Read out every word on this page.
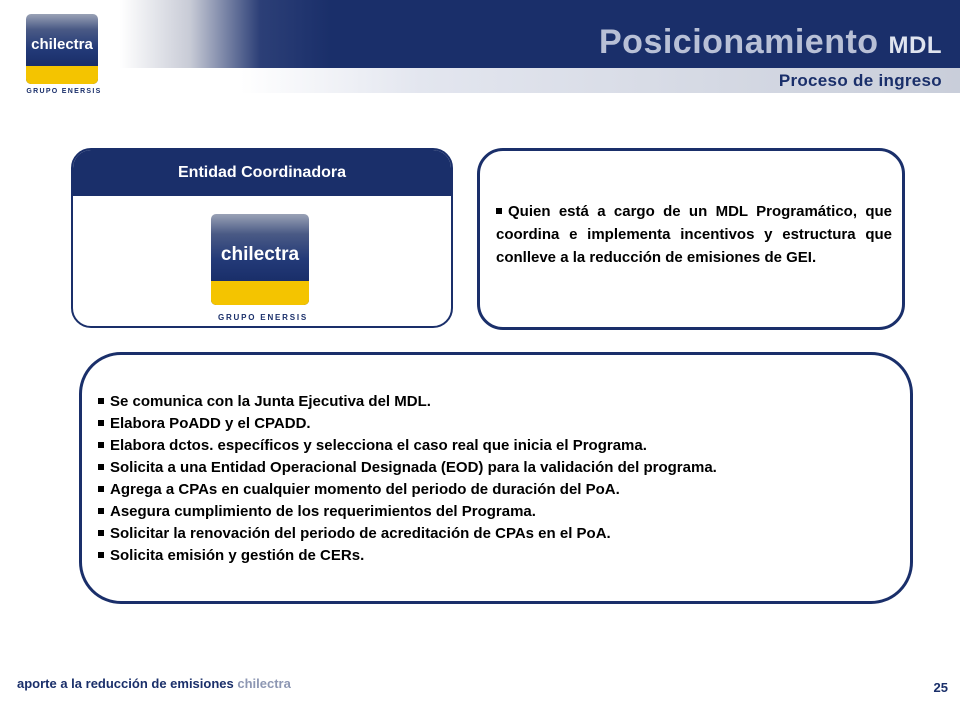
Posicionamiento MDL
Proceso de ingreso
chilectra
GRUPO ENERSIS
Entidad Coordinadora
chilectra
GRUPO ENERSIS

Quien está a cargo de un MDL Programático, que coordina e implementa incentivos y estructura que conlleve a la reducción de emisiones de GEI.

Se comunica con la Junta Ejecutiva del MDL.
Elabora PoADD y el CPADD.
Elabora dctos. específicos y selecciona el caso real que inicia el Programa.
Solicita a una Entidad Operacional Designada (EOD) para la validación del programa.
Agrega a CPAs en cualquier momento del periodo de duración del PoA.
Asegura cumplimiento de los requerimientos del Programa.
Solicitar la renovación del periodo de acreditación de CPAs en el PoA.
Solicita emisión y gestión de CERs.
aporte a la reducción de emisiones chilectra	25
